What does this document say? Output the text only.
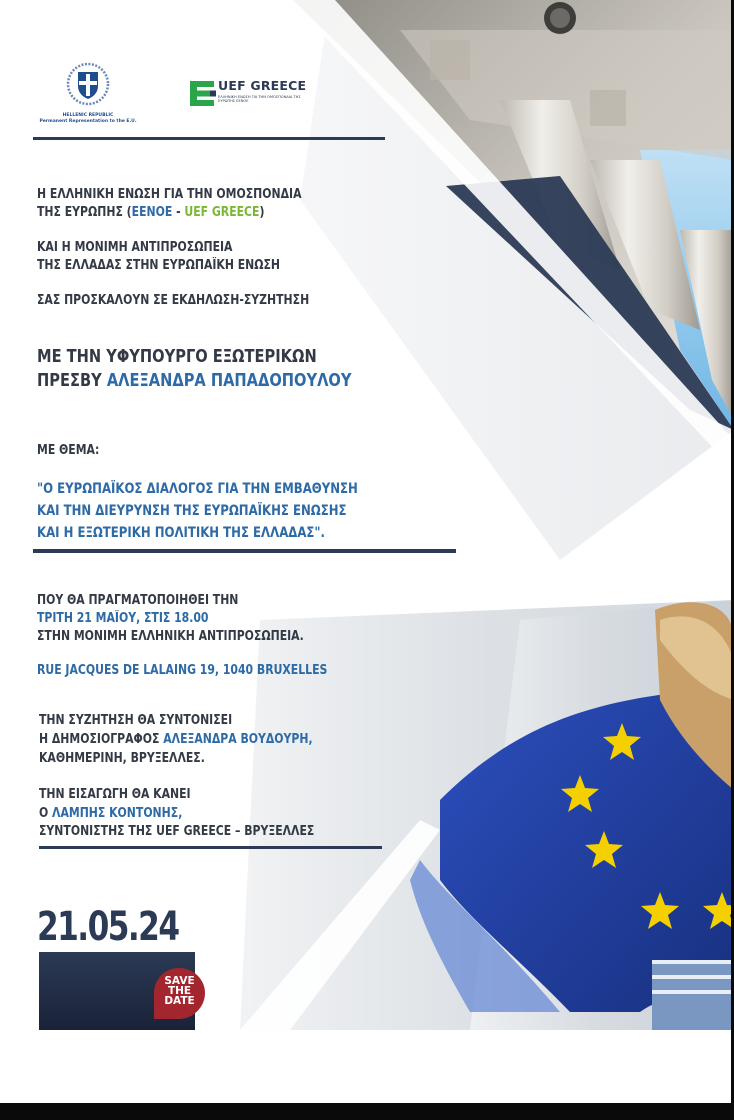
HELLENIC REPUBLIC
Permanent Representation to the E.U.
UEF GREECE
ΕΛΛΗΝΙΚΗ ΕΝΩΣΗ ΓΙΑ ΤΗΝ ΟΜΟΣΠΟΝΔΙΑ ΤΗΣ ΕΥΡΩΠΗΣ ΕΕΝΟΕ
Η ΕΛΛΗΝΙΚΗ ΕΝΩΣΗ ΓΙΑ ΤΗΝ ΟΜΟΣΠΟΝΔΙΑ
ΤΗΣ ΕΥΡΩΠΗΣ (ΕΕΝΟΕ - UEF GREECE)
ΚΑΙ Η ΜΟΝΙΜΗ ΑΝΤΙΠΡΟΣΩΠΕΙΑ
ΤΗΣ ΕΛΛΑΔΑΣ ΣΤΗΝ ΕΥΡΩΠΑΪΚΗ ΕΝΩΣΗ
ΣΑΣ ΠΡΟΣΚΑΛΟΥΝ ΣΕ ΕΚΔΗΛΩΣΗ-ΣΥΖΗΤΗΣΗ
ΜΕ ΤΗΝ ΥΦΥΠΟΥΡΓΟ ΕΞΩΤΕΡΙΚΩΝ
ΠΡΕΣΒΥ ΑΛΕΞΑΝΔΡΑ ΠΑΠΑΔΟΠΟΥΛΟΥ
ΜΕ ΘΕΜΑ:
"Ο ΕΥΡΩΠΑΪΚΟΣ ΔΙΑΛΟΓΟΣ ΓΙΑ ΤΗΝ ΕΜΒΑΘΥΝΣΗ
ΚΑΙ ΤΗΝ ΔΙΕΥΡΥΝΣΗ ΤΗΣ ΕΥΡΩΠΑΪΚΗΣ ΕΝΩΣΗΣ
ΚΑΙ Η ΕΞΩΤΕΡΙΚΗ ΠΟΛΙΤΙΚΗ ΤΗΣ ΕΛΛΑΔΑΣ".
ΠΟΥ ΘΑ ΠΡΑΓΜΑΤΟΠΟΙΗΘΕΙ ΤΗΝ
ΤΡΙΤΗ 21 ΜΑΪΟΥ, ΣΤΙΣ 18.00
ΣΤΗΝ ΜΟΝΙΜΗ ΕΛΛΗΝΙΚΗ ΑΝΤΙΠΡΟΣΩΠΕΙΑ.
RUE JACQUES DE LALAING 19, 1040 BRUXELLES
ΤΗΝ ΣΥΖΗΤΗΣΗ ΘΑ ΣΥΝΤΟΝΙΣΕΙ
Η ΔΗΜΟΣΙΟΓΡΑΦΟΣ ΑΛΕΞΑΝΔΡΑ ΒΟΥΔΟΥΡΗ,
ΚΑΘΗΜΕΡΙΝΗ, ΒΡΥΞΕΛΛΕΣ.
ΤΗΝ ΕΙΣΑΓΩΓΗ ΘΑ ΚΑΝΕΙ
Ο ΛΑΜΠΗΣ ΚΟΝΤΟΝΗΣ,
ΣΥΝΤΟΝΙΣΤΗΣ ΤΗΣ UEF GREECE – ΒΡΥΞΕΛΛΕΣ
21.05.24
SAVE
THE
DATE
